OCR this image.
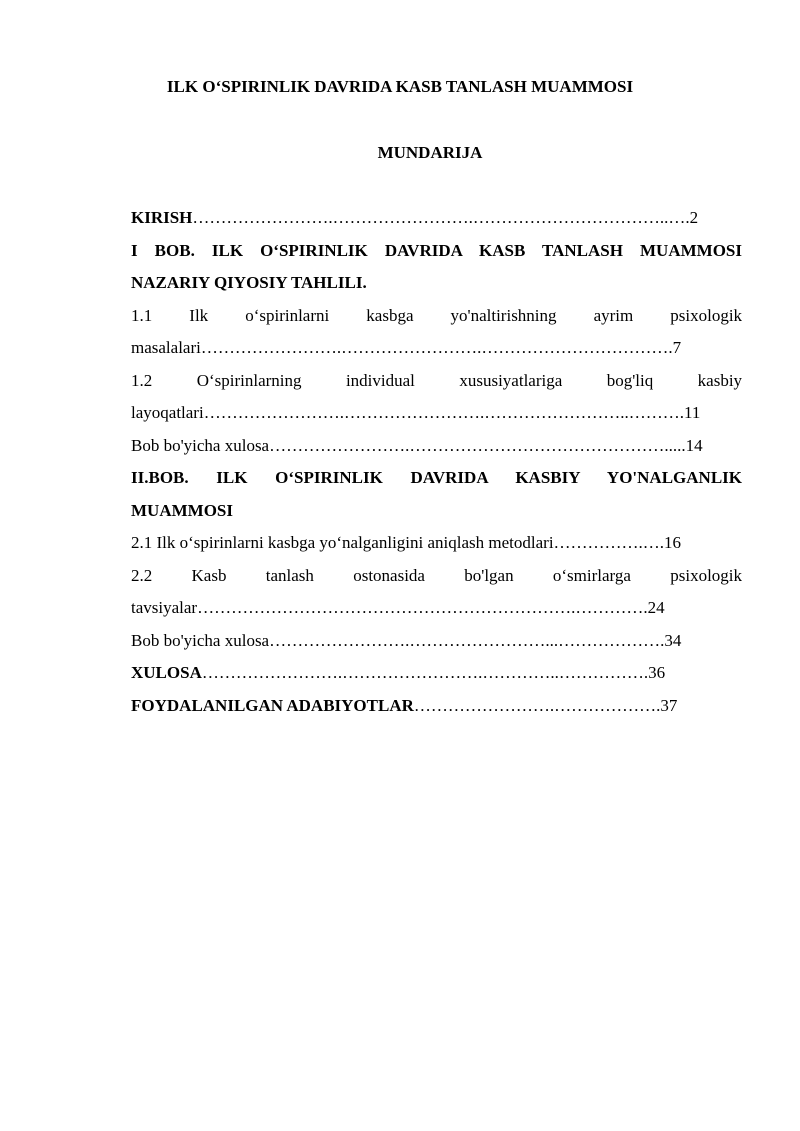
ILK O‘SPIRINLIK DAVRIDA KASB TANLASH MUAMMOSI
MUNDARIJA
KIRISH…………………….…………………….……………………………..….2
I BOB. ILK O‘SPIRINLIK DAVRIDA KASB TANLASH MUAMMOSI
NAZARIY QIYOSIY TAHLILI.
1.1 Ilk o‘spirinlarni kasbga yo'naltirishning ayrim psixologik
masalalari…………………….…………………….…………………………….7
1.2	O‘spirinlarning	individual	xususiyatlariga	bog'liq	kasbiy
layoqatlari…………………….…………………….……………………..……….11
Bob bo'yicha xulosa…………………….……………………………………….....14
II.BOB. ILK O‘SPIRINLIK DAVRIDA KASBIY YO'NALGANLIK
MUAMMOSI
2.1 Ilk o‘spirinlarni kasbga yo‘nalganligini aniqlash metodlari…………….….16
2.2 Kasb tanlash ostonasida bo'lgan o‘smirlarga psixologik
tavsiyalar………………………………………………………….………….24
Bob bo'yicha xulosa…………………….……………………...……………….34
XULOSA…………………….…………………….…………..…………….36
FOYDALANILGAN ADABIYOTLAR…………………….……………….37
